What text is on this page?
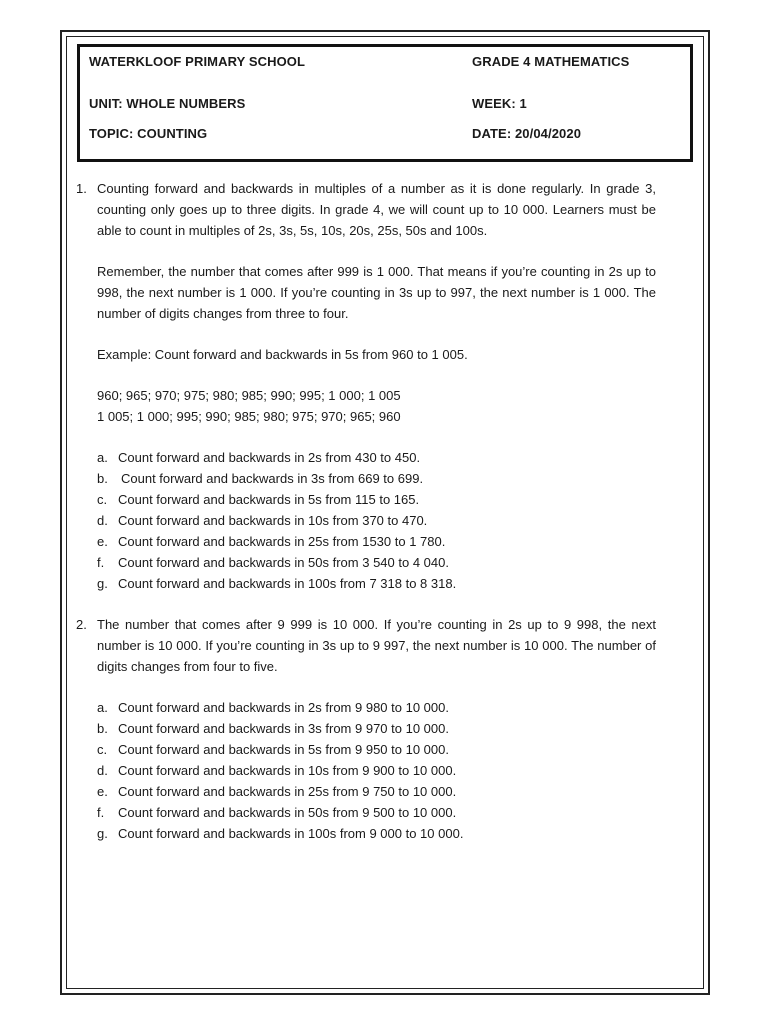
WATERKLOOF PRIMARY SCHOOL	GRADE 4 MATHEMATICS
UNIT: WHOLE NUMBERS	WEEK: 1
TOPIC: COUNTING	DATE: 20/04/2020
1. Counting forward and backwards in multiples of a number as it is done regularly. In grade 3, counting only goes up to three digits. In grade 4, we will count up to 10 000. Learners must be able to count in multiples of 2s, 3s, 5s, 10s, 20s, 25s, 50s and 100s.

Remember, the number that comes after 999 is 1 000. That means if you’re counting in 2s up to 998, the next number is 1 000. If you’re counting in 3s up to 997, the next number is 1 000. The number of digits changes from three to four.

Example: Count forward and backwards in 5s from 960 to 1 005.

960; 965; 970; 975; 980; 985; 990; 995; 1 000; 1 005

1 005; 1 000; 995; 990; 985; 980; 975; 970; 965; 960

a. Count forward and backwards in 2s from 430 to 450.
b.	Count forward and backwards in 3s from 669 to 699.
c. Count forward and backwards in 5s from 115 to 165.
d. Count forward and backwards in 10s from 370 to 470.
e. Count forward and backwards in 25s from 1530 to 1 780.
f.	Count forward and backwards in 50s from 3 540 to 4 040.
g. Count forward and backwards in 100s from 7 318 to 8 318.
2. The number that comes after 9 999 is 10 000. If you’re counting in 2s up to 9 998, the next number is 10 000. If you’re counting in 3s up to 9 997, the next number is 10 000. The number of digits changes from four to five.

a. Count forward and backwards in 2s from 9 980 to 10 000.
b. Count forward and backwards in 3s from 9 970 to 10 000.
c. Count forward and backwards in 5s from 9 950 to 10 000.
d. Count forward and backwards in 10s from 9 900 to 10 000.
e. Count forward and backwards in 25s from 9 750 to 10 000.
f.	Count forward and backwards in 50s from 9 500 to 10 000.
g. Count forward and backwards in 100s from 9 000 to 10 000.
